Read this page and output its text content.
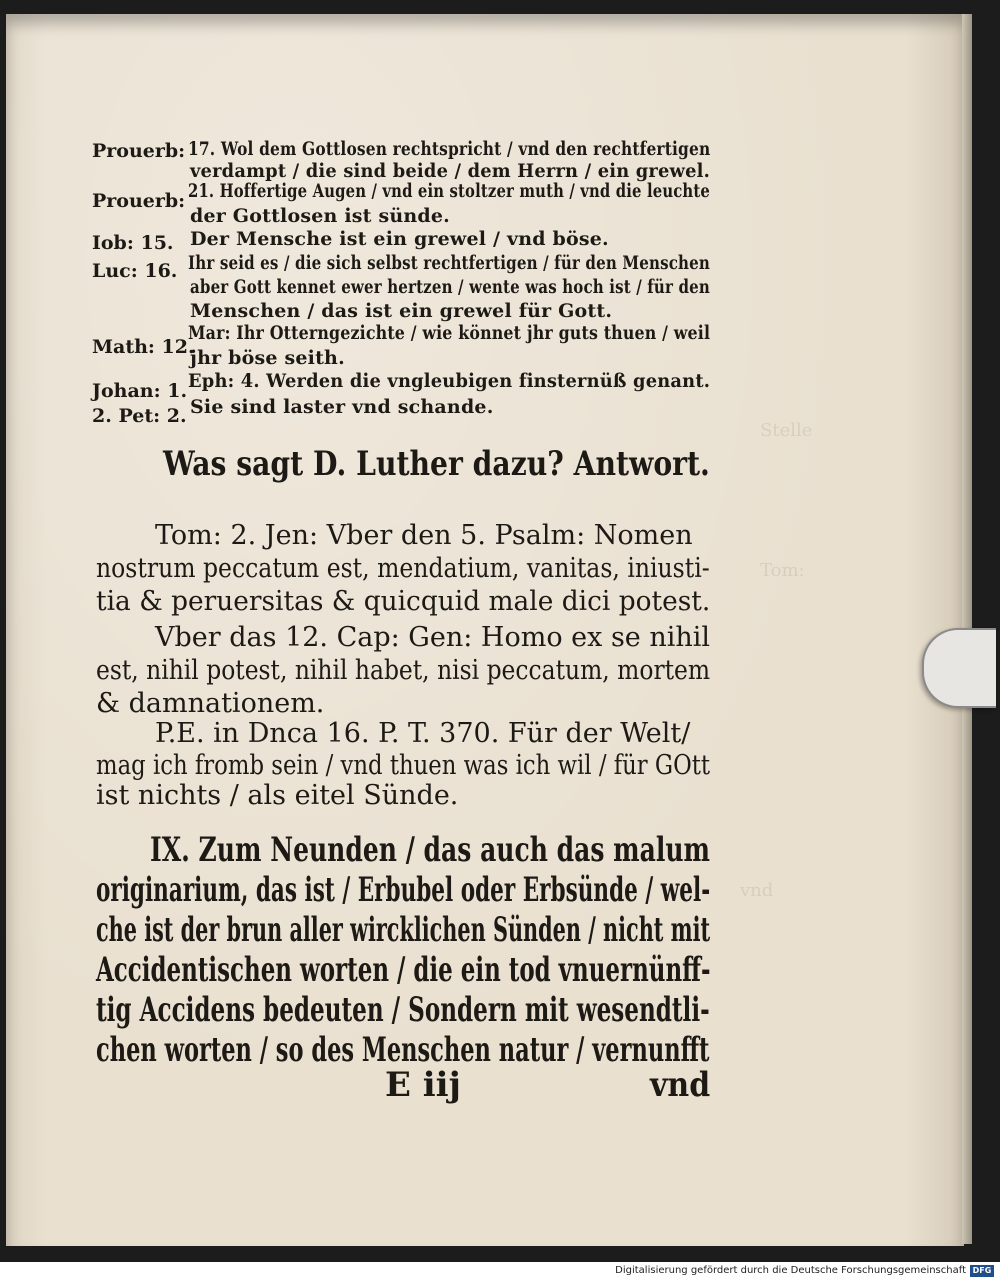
Stelle
Tom:
vnd
Prouerb: 17. Wol dem Gottlosen rechtspricht / vnd den rechtfertigen
verdampt / die sind beide / dem Herrn / ein grewel.
Prouerb: 21. Hoffertige Augen / vnd ein stoltzer muth / vnd die leuchte
der Gottlosen ist sünde.
Iob: 15. Der Mensche ist ein grewel / vnd böse.
Luc: 16. Ihr seid es / die sich selbst rechtfertigen / für den Menschen
aber Gott kennet ewer hertzen / wente was hoch ist / für den
Menschen / das ist ein grewel für Gott.
Math: 12.
Mar: Ihr Otterngezichte / wie könnet jhr guts thuen / weil
jhr böse seith.
Johan: 1. Eph: 4. Werden die vngleubigen finsternüß genant.
2. Pet: 2. Sie sind laster vnd schande.
Was sagt D. Luther dazu? Antwort.
Tom: 2. Jen: Vber den 5. Psalm: Nomen
nostrum peccatum est, mendatium, vanitas, iniusti-
tia & peruersitas & quicquid male dici potest.
Vber das 12. Cap: Gen: Homo ex se nihil
est, nihil potest, nihil habet, nisi peccatum, mortem
& damnationem.
P.E. in Dnca 16. P. T. 370. Für der Welt/
mag ich fromb sein / vnd thuen was ich wil / für GOtt
ist nichts / als eitel Sünde.
IX. Zum Neunden / das auch das malum
originarium, das ist / Erbubel oder Erbsünde / wel-
che ist der brun aller wircklichen Sünden / nicht mit
Accidentischen worten / die ein tod vnuernünff-
tig Accidens bedeuten / Sondern mit wesendtli-
chen worten / so des Menschen natur / vernunfft
E iij	vnd
Digitalisierung gefördert durch die Deutsche Forschungsgemeinschaft DFG
